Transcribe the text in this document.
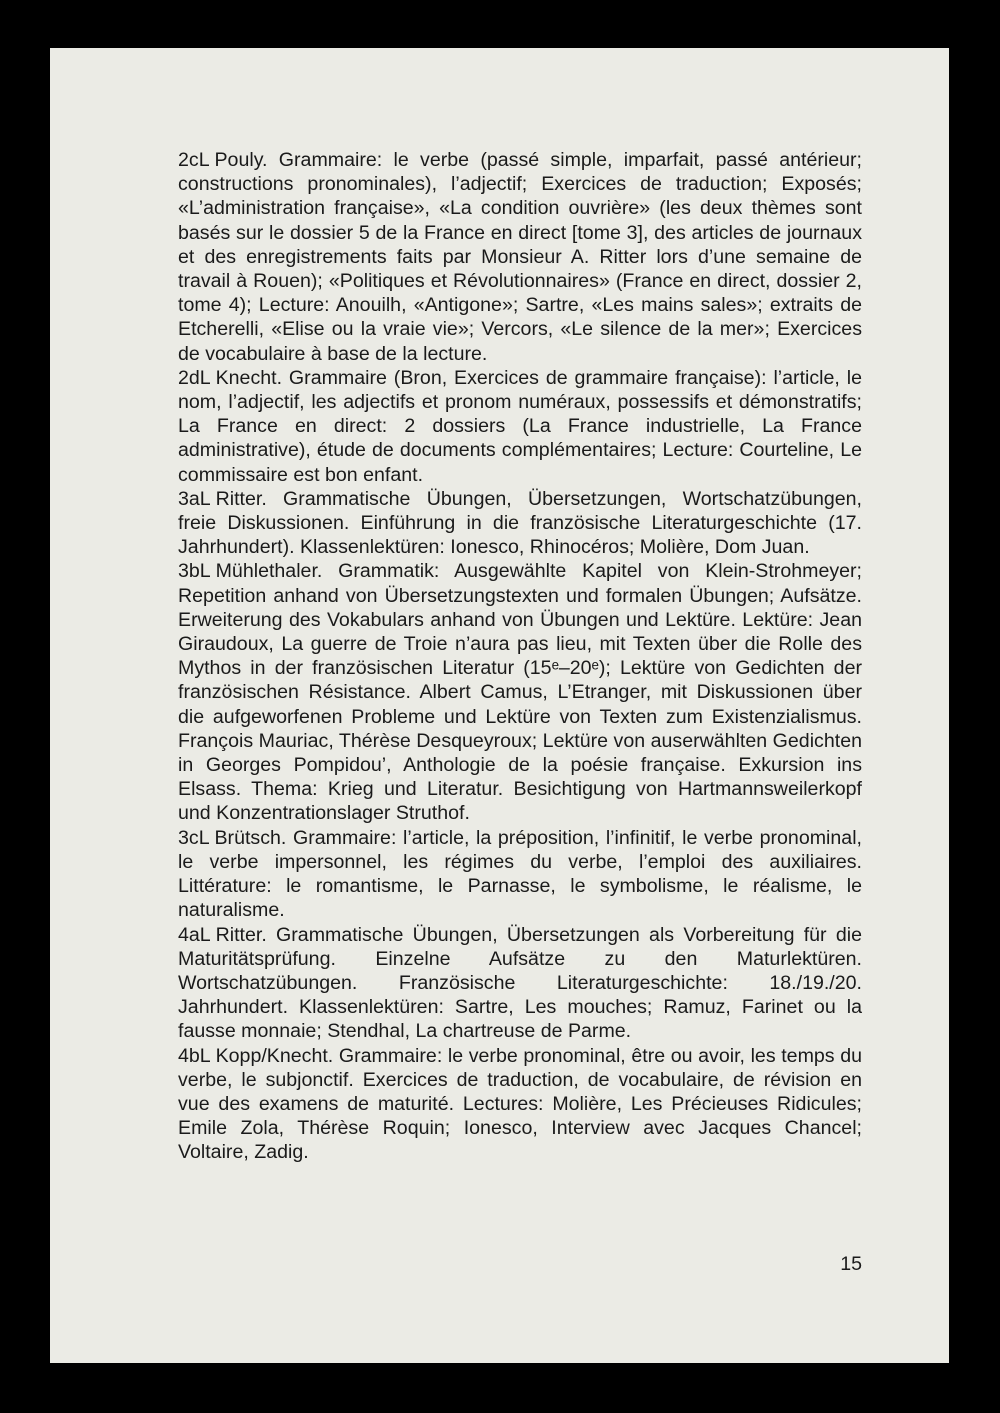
2cL Pouly. Grammaire: le verbe (passé simple, imparfait, passé antérieur; constructions pronominales), l’adjectif; Exercices de traduction; Exposés; «L’administration française», «La condition ouvrière» (les deux thèmes sont basés sur le dossier 5 de la France en direct [tome 3], des articles de journaux et des enregistrements faits par Monsieur A. Ritter lors d’une semaine de travail à Rouen); «Politiques et Révolutionnaires» (France en direct, dossier 2, tome 4); Lecture: Anouilh, «Antigone»; Sartre, «Les mains sales»; extraits de Etcherelli, «Elise ou la vraie vie»; Vercors, «Le silence de la mer»; Exercices de vocabulaire à base de la lecture.

2dL Knecht. Grammaire (Bron, Exercices de grammaire française): l’article, le nom, l’adjectif, les adjectifs et pronom numéraux, possessifs et démonstratifs; La France en direct: 2 dossiers (La France industrielle, La France administrative), étude de documents complémentaires; Lecture: Courteline, Le commissaire est bon enfant.

3aL Ritter. Grammatische Übungen, Übersetzungen, Wortschatzübungen, freie Diskussionen. Einführung in die französische Literaturgeschichte (17. Jahrhundert). Klassenlektüren: Ionesco, Rhinocéros; Molière, Dom Juan.

3bL Mühlethaler. Grammatik: Ausgewählte Kapitel von Klein-Strohmeyer; Repetition anhand von Übersetzungstexten und formalen Übungen; Aufsätze. Erweiterung des Vokabulars anhand von Übungen und Lektüre. Lektüre: Jean Giraudoux, La guerre de Troie n’aura pas lieu, mit Texten über die Rolle des Mythos in der französischen Literatur (15ᵉ–20ᵉ); Lektüre von Gedichten der französischen Résistance. Albert Camus, L’Etranger, mit Diskussionen über die aufgeworfenen Probleme und Lektüre von Texten zum Existenzialismus. François Mauriac, Thérèse Desqueyroux; Lektüre von auserwählten Gedichten in Georges Pompidou’, Anthologie de la poésie française. Exkursion ins Elsass. Thema: Krieg und Literatur. Besichtigung von Hartmannsweilerkopf und Konzentrationslager Struthof.

3cL Brütsch. Grammaire: l’article, la préposition, l’infinitif, le verbe pronominal, le verbe impersonnel, les régimes du verbe, l’emploi des auxiliaires. Littérature: le romantisme, le Parnasse, le symbolisme, le réalisme, le naturalisme.

4aL Ritter. Grammatische Übungen, Übersetzungen als Vorbereitung für die Maturitätsprüfung. Einzelne Aufsätze zu den Maturlektüren. Wortschatzübungen. Französische Literaturgeschichte: 18./19./20. Jahrhundert. Klassenlektüren: Sartre, Les mouches; Ramuz, Farinet ou la fausse monnaie; Stendhal, La chartreuse de Parme.

4bL Kopp/Knecht. Grammaire: le verbe pronominal, être ou avoir, les temps du verbe, le subjonctif. Exercices de traduction, de vocabulaire, de révision en vue des examens de maturité. Lectures: Molière, Les Précieuses Ridicules; Emile Zola, Thérèse Roquin; Ionesco, Interview avec Jacques Chancel; Voltaire, Zadig.

15
